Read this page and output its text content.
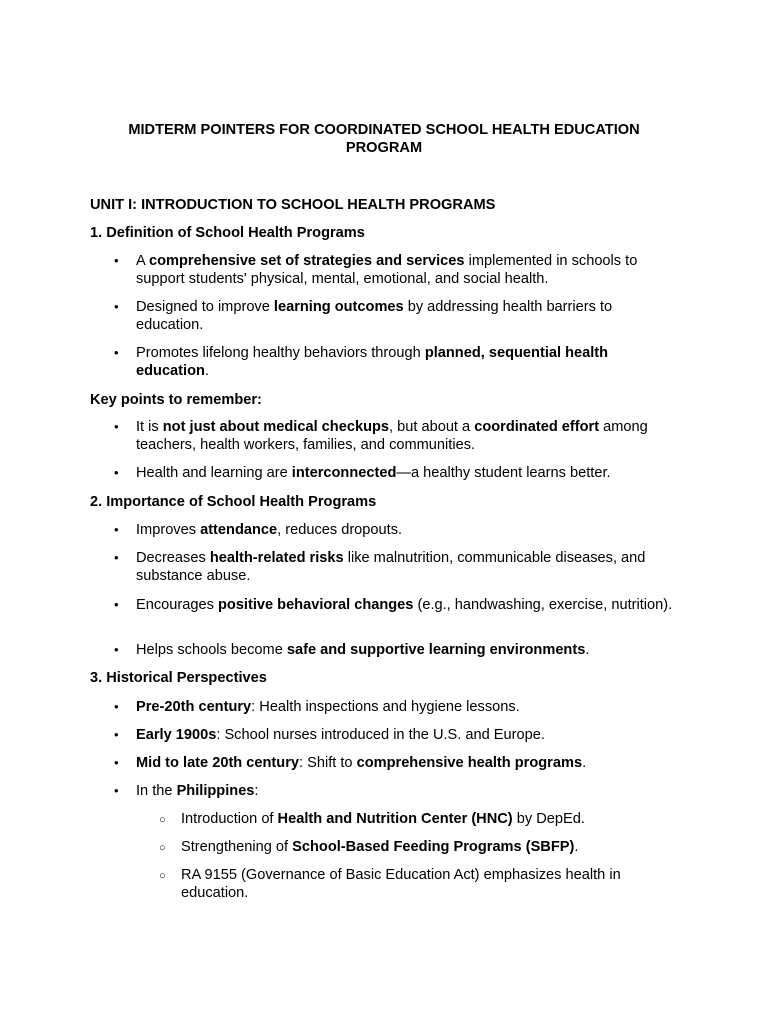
MIDTERM POINTERS FOR COORDINATED SCHOOL HEALTH EDUCATION
PROGRAM
UNIT I: INTRODUCTION TO SCHOOL HEALTH PROGRAMS
1. Definition of School Health Programs
• A comprehensive set of strategies and services implemented in schools to support students' physical, mental, emotional, and social health.
• Designed to improve learning outcomes by addressing health barriers to education.
• Promotes lifelong healthy behaviors through planned, sequential health education.
Key points to remember:
• It is not just about medical checkups, but about a coordinated effort among teachers, health workers, families, and communities.
• Health and learning are interconnected—a healthy student learns better.
2. Importance of School Health Programs
• Improves attendance, reduces dropouts.
• Decreases health-related risks like malnutrition, communicable diseases, and substance abuse.
• Encourages positive behavioral changes (e.g., handwashing, exercise, nutrition).
• Helps schools become safe and supportive learning environments.
3. Historical Perspectives
• Pre-20th century: Health inspections and hygiene lessons.
• Early 1900s: School nurses introduced in the U.S. and Europe.
• Mid to late 20th century: Shift to comprehensive health programs.
• In the Philippines:
○ Introduction of Health and Nutrition Center (HNC) by DepEd.
○ Strengthening of School-Based Feeding Programs (SBFP).
○ RA 9155 (Governance of Basic Education Act) emphasizes health in education.
